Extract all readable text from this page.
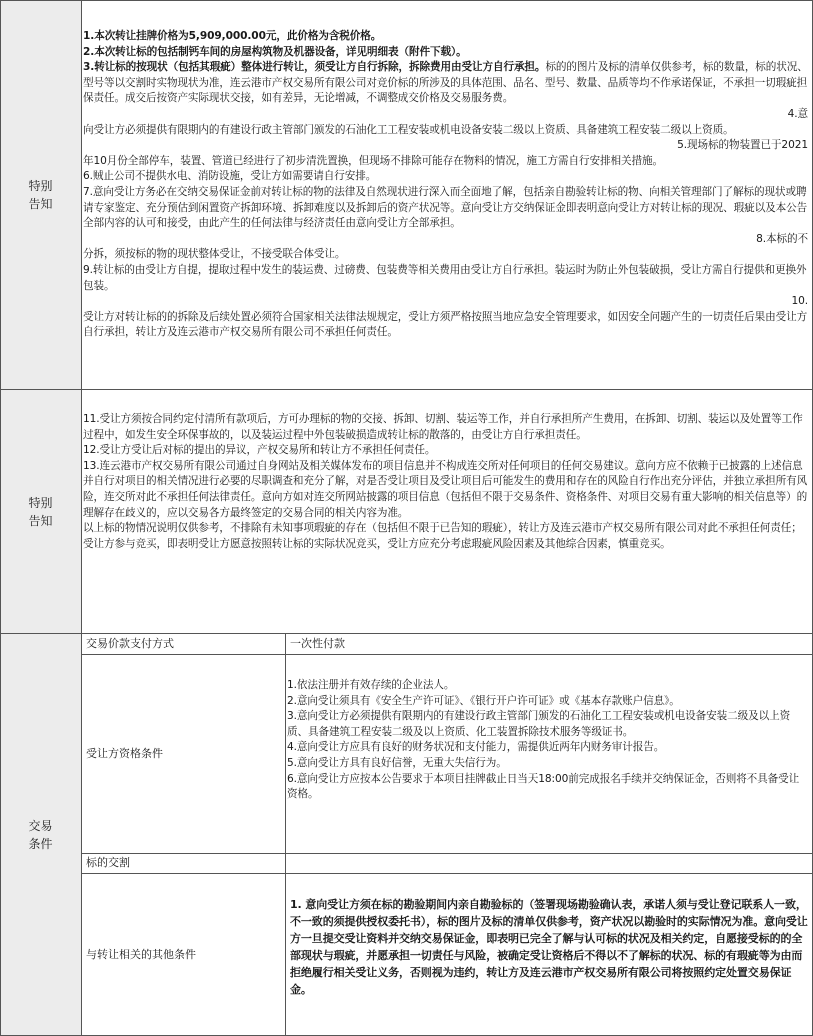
特别告知

1.本次转让挂牌价格为5,909,000.00元，此价格为含税价格。

2.本次转让标的包括制钙车间的房屋构筑物及机器设备，详见明细表（附件下载）。

3.转让标的按现状（包括其瑕疵）整体进行转让，须受让方自行拆除，拆除费用由受让方自行承担。标的的图片及标的清单仅供参考，标的数量，标的状况、型号等以交割时实物现状为准，连云港市产权交易所有限公司对竞价标的所涉及的具体范围、品名、型号、数量、品质等均不作承诺保证，不承担一切瑕疵担保责任。成交后按资产实际现状交接，如有差异，无论增减，不调整成交价格及交易服务费。
4.意

向受让方必须提供有限期内的有建设行政主管部门颁发的石油化工工程安装或机电设备安装二级以上资质、具备建筑工程安装二级以上资质。

5.现场标的物装置已于2021
年10月份全部停车，装置、管道已经进行了初步清洗置换，但现场不排除可能存在物料的情况，施工方需自行安排相关措施。

6.贼止公司不提供水电、消防设施，受让方如需要请自行安排。

7.意向受让方务必在交纳交易保证金前对转让标的物的法律及自然现状进行深入而全面地了解，包括亲自勘验转让标的物、向相关管理部门了解标的现状或聘请专家鉴定、充分预估到闲置资产拆卸环境、拆卸难度以及拆卸后的资产状况等。意向受让方交纳保证金即表明意向受让方对转让标的现况、瑕疵以及本公告全部内容的认可和接受，由此产生的任何法律与经济责任由意向受让方全部承担。
8.本标的不

分拆，须按标的物的现状整体受让，不接受联合体受让。

9.转让标的由受让方自提，提取过程中发生的装运费、过磅费、包装费等相关费用由受让方自行承担。装运时为防止外包装破损，受让方需自行提供和更换外包装。
10.

受让方对转让标的的拆除及后续处置必须符合国家相关法律法规规定，受让方须严格按照当地应急安全管理要求，如因安全问题产生的一切责任后果由受让方自行承担，转让方及连云港市产权交易所有限公司不承担任何责任。

特别告知

11.受让方须按合同约定付清所有款项后，方可办理标的物的交接、拆卸、切割、装运等工作，并自行承担所产生费用，在拆卸、切割、装运以及处置等工作过程中，如发生安全环保事故的，以及装运过程中外包装破损造成转让标的散落的，由受让方自行承担责任。

12.受让方受让后对标的提出的异议，产权交易所和转让方不承担任何责任。

13.连云港市产权交易所有限公司通过自身网站及相关媒体发布的项目信息并不构成连交所对任何项目的任何交易建议。意向方应不依赖于已披露的上述信息并自行对项目的相关情况进行必要的尽职调查和充分了解，对是否受让项目及受让项目后可能发生的费用和存在的风险自行作出充分评估，并独立承担所有风险，连交所对此不承担任何法律责任。意向方如对连交所网站披露的项目信息（包括但不限于交易条件、资格条件、对项目交易有重大影响的相关信息等）的理解存在歧义的，应以交易各方最终签定的交易合同的相关内容为准。

以上标的物情况说明仅供参考，不排除有未知事项瑕疵的存在（包括但不限于已告知的瑕疵），转让方及连云港市产权交易所有限公司对此不承担任何责任；受让方参与竞买，即表明受让方愿意按照转让标的实际状况竞买，受让方应充分考虑瑕疵风险因素及其他综合因素，慎重竞买。

交易条件
交易价款支付方式	一次性付款
受让方资格条件

1.依法注册并有效存续的企业法人。

2.意向受让须具有《安全生产许可证》、《银行开户许可证》或《基本存款账户信息》。

3.意向受让方必须提供有限期内的有建设行政主管部门颁发的石油化工工程安装或机电设备安装二级及以上资质、具备建筑工程安装二级及以上资质、化工装置拆除技术服务等级证书。

4.意向受让方应具有良好的财务状况和支付能力，需提供近两年内财务审计报告。

5.意向受让方具有良好信誉，无重大失信行为。

6.意向受让方应按本公告要求于本项目挂牌截止日当天18:00前完成报名手续并交纳保证金，否则将不具备受让资格。

标的交割
与转让相关的其他条件

1. 意向受让方须在标的勘验期间内亲自勘验标的（签署现场勘验确认表，承诺人须与受让登记联系人一致，不一致的须提供授权委托书），标的图片及标的清单仅供参考，资产状况以勘验时的实际情况为准。意向受让方一旦提交受让资料并交纳交易保证金，即表明已完全了解与认可标的状况及相关约定，自愿接受标的的全部现状与瑕疵，并愿承担一切责任与风险，被确定受让资格后不得以不了解标的状况、标的有瑕疵等为由而拒绝履行相关受让义务，否则视为违约，转让方及连云港市产权交易所有限公司将按照约定处置交易保证金。
